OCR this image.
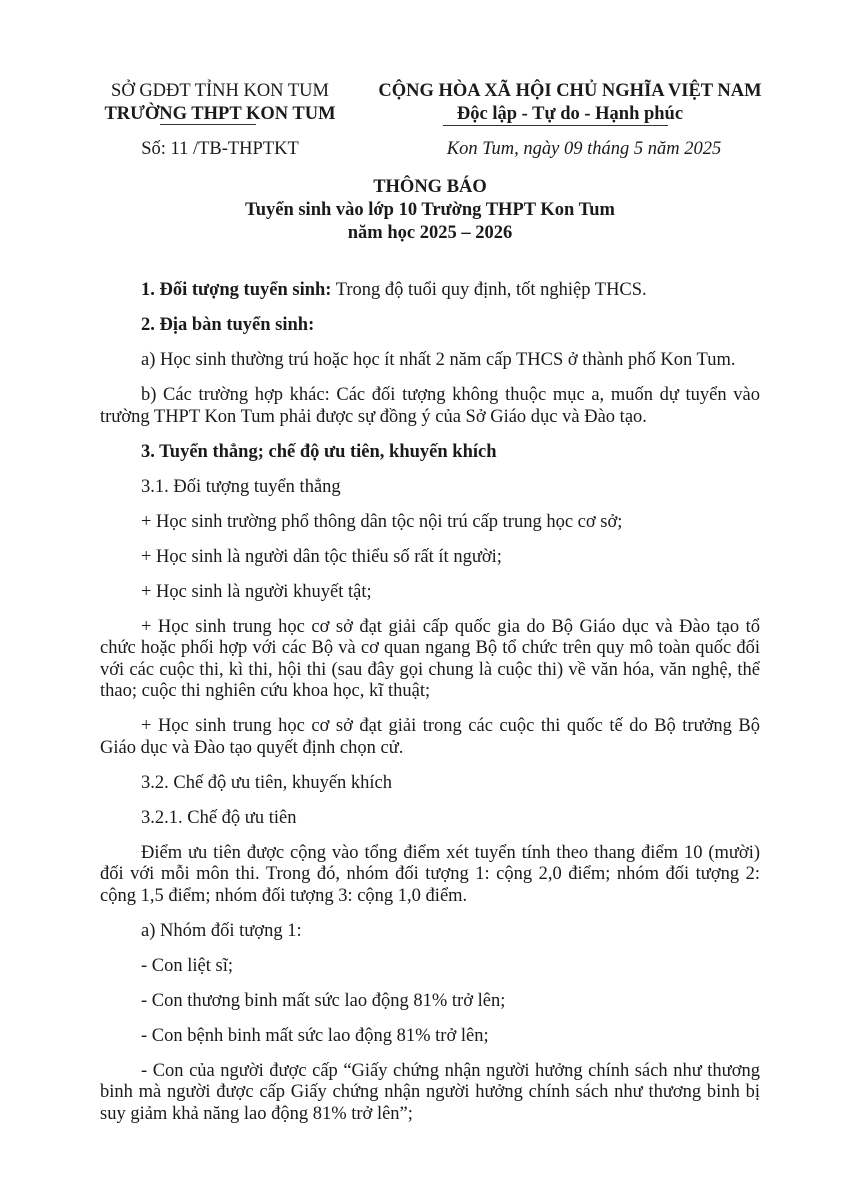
SỞ GDĐT TỈNH KON TUM
TRƯỜNG THPT KON TUM
Số: 11 /TB-THPTKT
CỘNG HÒA XÃ HỘI CHỦ NGHĨA VIỆT NAM
Độc lập - Tự do - Hạnh phúc
Kon Tum, ngày 09 tháng 5 năm 2025
THÔNG BÁO
Tuyển sinh vào lớp 10 Trường THPT Kon Tum
năm học 2025 – 2026

1. Đối tượng tuyển sinh: Trong độ tuổi quy định, tốt nghiệp THCS.

2. Địa bàn tuyển sinh:

a) Học sinh thường trú hoặc học ít nhất 2 năm cấp THCS ở thành phố Kon Tum.

b) Các trường hợp khác: Các đối tượng không thuộc mục a, muốn dự tuyển vào trường THPT Kon Tum phải được sự đồng ý của Sở Giáo dục và Đào tạo.

3. Tuyển thẳng; chế độ ưu tiên, khuyến khích

3.1. Đối tượng tuyển thẳng

+ Học sinh trường phổ thông dân tộc nội trú cấp trung học cơ sở;

+ Học sinh là người dân tộc thiểu số rất ít người;

+ Học sinh là người khuyết tật;

+ Học sinh trung học cơ sở đạt giải cấp quốc gia do Bộ Giáo dục và Đào tạo tổ chức hoặc phối hợp với các Bộ và cơ quan ngang Bộ tổ chức trên quy mô toàn quốc đối với các cuộc thi, kì thi, hội thi (sau đây gọi chung là cuộc thi) về văn hóa, văn nghệ, thể thao; cuộc thi nghiên cứu khoa học, kĩ thuật;

+ Học sinh trung học cơ sở đạt giải trong các cuộc thi quốc tế do Bộ trưởng Bộ Giáo dục và Đào tạo quyết định chọn cử.

3.2. Chế độ ưu tiên, khuyến khích

3.2.1. Chế độ ưu tiên

Điểm ưu tiên được cộng vào tổng điểm xét tuyển tính theo thang điểm 10 (mười) đối với mỗi môn thi. Trong đó, nhóm đối tượng 1: cộng 2,0 điểm; nhóm đối tượng 2: cộng 1,5 điểm; nhóm đối tượng 3: cộng 1,0 điểm.

a) Nhóm đối tượng 1:

- Con liệt sĩ;

- Con thương binh mất sức lao động 81% trở lên;

- Con bệnh binh mất sức lao động 81% trở lên;

- Con của người được cấp “Giấy chứng nhận người hưởng chính sách như thương binh mà người được cấp Giấy chứng nhận người hưởng chính sách như thương binh bị suy giảm khả năng lao động 81% trở lên”;
